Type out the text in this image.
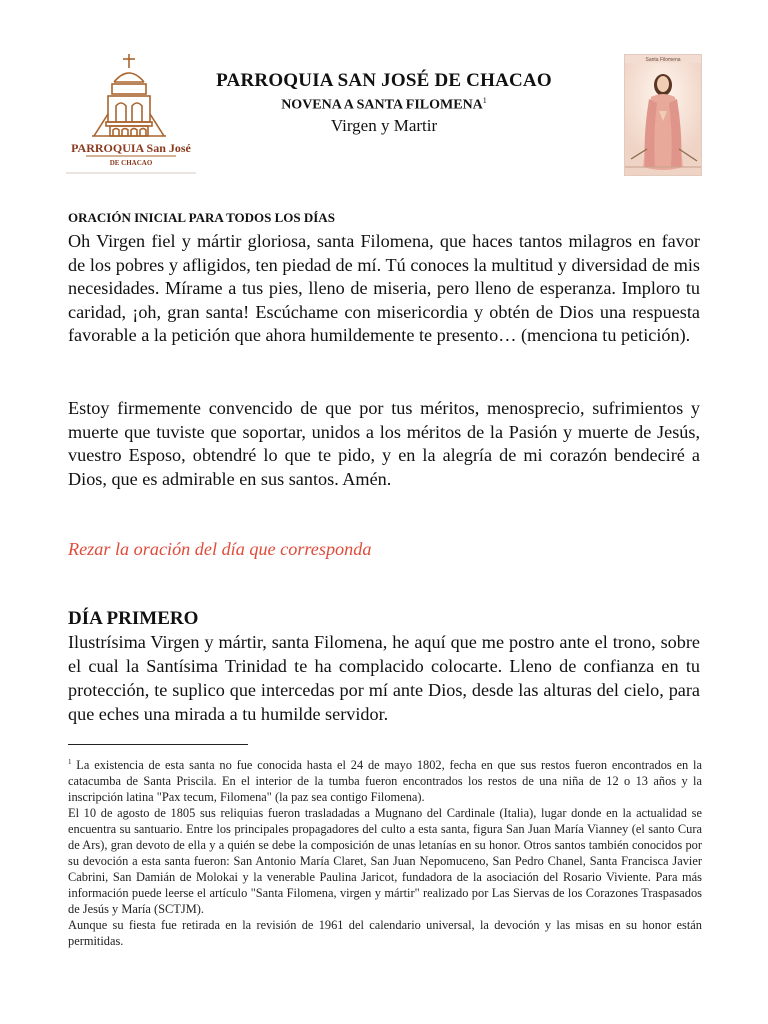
PARROQUIA San José
DE CHACAO
PARROQUIA SAN JOSÉ DE CHACAO
NOVENA A SANTA FILOMENA$^1$
Virgen y Martir
Santa Filomena
ORACIÓN INICIAL PARA TODOS LOS DÍAS
Oh Virgen fiel y mártir gloriosa, santa Filomena, que haces tantos milagros en favor de los pobres y afligidos, ten piedad de mí. Tú conoces la multitud y diversidad de mis necesidades. Mírame a tus pies, lleno de miseria, pero lleno de esperanza. Imploro tu caridad, ¡oh, gran santa! Escúchame con misericordia y obtén de Dios una respuesta favorable a la petición que ahora humildemente te presento… (menciona tu petición).
Estoy firmemente convencido de que por tus méritos, menosprecio, sufrimientos y muerte que tuviste que soportar, unidos a los méritos de la Pasión y muerte de Jesús, vuestro Esposo, obtendré lo que te pido, y en la alegría de mi corazón bendeciré a Dios, que es admirable en sus santos. Amén.
Rezar la oración del día que corresponda
DÍA PRIMERO
Ilustrísima Virgen y mártir, santa Filomena, he aquí que me postro ante el trono, sobre el cual la Santísima Trinidad te ha complacido colocarte. Lleno de confianza en tu protección, te suplico que intercedas por mí ante Dios, desde las alturas del cielo, para que eches una mirada a tu humilde servidor.

$^1$ La existencia de esta santa no fue conocida hasta el 24 de mayo 1802, fecha en que sus restos fueron encontrados en la catacumba de Santa Priscila. En el interior de la tumba fueron encontrados los restos de una niña de 12 o 13 años y la inscripción latina "Pax tecum, Filomena" (la paz sea contigo Filomena).

El 10 de agosto de 1805 sus reliquias fueron trasladadas a Mugnano del Cardinale (Italia), lugar donde en la actualidad se encuentra su santuario. Entre los principales propagadores del culto a esta santa, figura San Juan María Vianney (el santo Cura de Ars), gran devoto de ella y a quién se debe la composición de unas letanías en su honor. Otros santos también conocidos por su devoción a esta santa fueron: San Antonio María Claret, San Juan Nepomuceno, San Pedro Chanel, Santa Francisca Javier Cabrini, San Damián de Molokai y la venerable Paulina Jaricot, fundadora de la asociación del Rosario Viviente. Para más información puede leerse el artículo "Santa Filomena, virgen y mártir" realizado por Las Siervas de los Corazones Traspasados de Jesús y María (SCTJM).

Aunque su fiesta fue retirada en la revisión de 1961 del calendario universal, la devoción y las misas en su honor están permitidas.
